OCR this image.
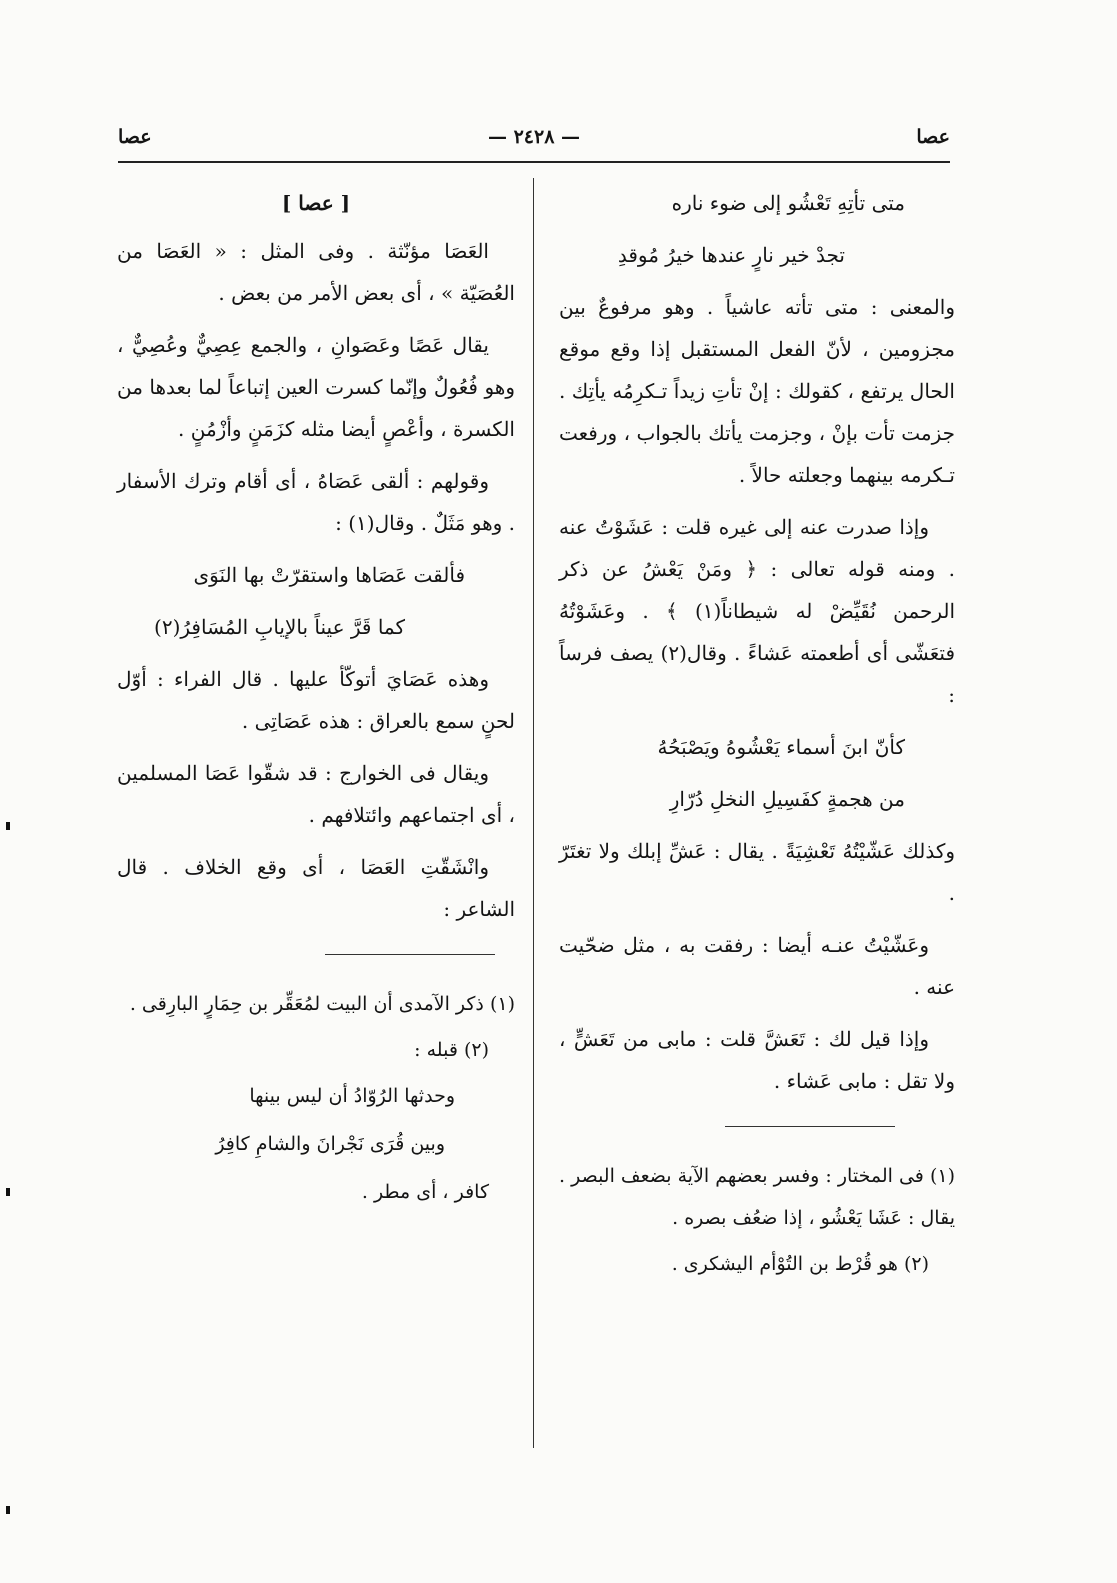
عصا
— ٢٤٢٨ —
عصا
متى تأتِهِ تَعْشُو إلى ضوء ناره
تجدْ خير نارٍ عندها خيرُ مُوقدِ

والمعنى : متى تأته عاشياً . وهو مرفوعٌ بين مجزومين ، لأنّ الفعل المستقبل إذا وقع موقع الحال يرتفع ، كقولك : إنْ تأتِ زيداً تـكرِمُه يأتِك . جزمت تأت بإنْ ، وجزمت يأتك بالجواب ، ورفعت تـكرمه بينهما وجعلته حالاً .

وإذا صدرت عنه إلى غيره قلت : عَشَوْتُ عنه . ومنه قوله تعالى : ﴿ ومَنْ يَعْشُ عن ذكر الرحمن نُقَيِّضْ له شيطاناً(١) ﴾ . وعَشَوْتُهُ فتعَشّى أى أطعمته عَشاءً . وقال(٢) يصف فرساً :

كأنّ ابنَ أسماء يَعْشُوهُ ويَصْبَحُهُ
من هجمةٍ كفَسِيلِ النخلِ دُرّارِ

وكذلك عَشّيْتُهُ تَعْشِيَةً . يقال : عَشِّ إبلك ولا تغتَرّ .

وعَشّيْتُ عنـه أيضا : رفقت به ، مثل ضحّيت عنه .

وإذا قيل لك : تَعَشَّ قلت : مابى من تَعَشٍّ ، ولا تقل : مابى عَشاء .

(١) فى المختار : وفسر بعضهم الآية بضعف البصر . يقال : عَشَا يَعْشُو ، إذا ضعُف بصره .

(٢) هو قُرْط بن التُوْأم اليشكرى .

[ عصا ]

العَصَا مؤنّثة . وفى المثل : « العَصَا من العُصَيّة » ، أى بعض الأمر من بعض .

يقال عَصًا وعَصَوانِ ، والجمع عِصِيٌّ وعُصِيٌّ ، وهو فُعُولٌ وإنّما كسرت العين إتباعاً لما بعدها من الكسرة ، وأعْصٍ أيضا مثله كزَمَنٍ وأزْمُنٍ .

وقولهم : ألقى عَصَاهُ ، أى أقام وترك الأسفار . وهو مَثَلٌ . وقال(١) :

فألقت عَصَاها واستقرّتْ بها النَوَى
كما قَرَّ عيناً بالإيابِ المُسَافِرُ(٢)

وهذه عَصَايَ أتوكّأ عليها . قال الفراء : أوّل لحنٍ سمع بالعراق : هذه عَصَاتِى .

ويقال فى الخوارج : قد شقّوا عَصَا المسلمين ، أى اجتماعهم وائتلافهم .

وانْشَقّتِ العَصَا ، أى وقع الخلاف . قال الشاعر :

(١) ذكر الآمدى أن البيت لمُعَقِّر بن حِمَارٍ البارِقى .

(٢) قبله :

وحدثها الرُوّادُ أن ليس بينها
وبين قُرَى نَجْرانَ والشامِ كافِرُ

كافر ، أى مطر .
